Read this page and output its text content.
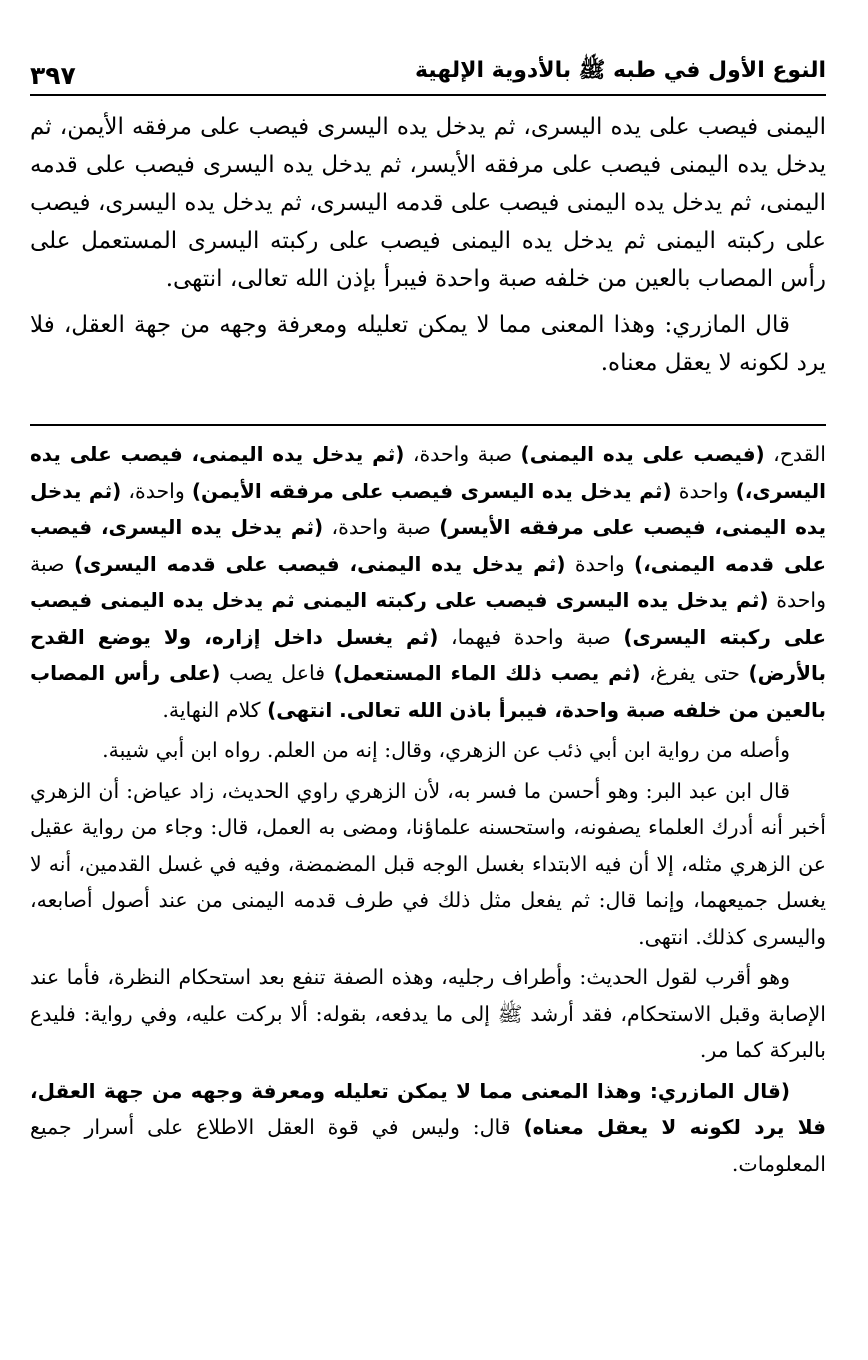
النوع الأول في طبه ﷺ بالأدوية الإلهية
٣٩٧

اليمنى فيصب على يده اليسرى، ثم يدخل يده اليسرى فيصب على مرفقه الأيمن، ثم يدخل يده اليمنى فيصب على مرفقه الأيسر، ثم يدخل يده اليسرى فيصب على قدمه اليمنى، ثم يدخل يده اليمنى فيصب على قدمه اليسرى، ثم يدخل يده اليسرى، فيصب على ركبته اليمنى ثم يدخل يده اليمنى فيصب على ركبته اليسرى المستعمل على رأس المصاب بالعين من خلفه صبة واحدة فيبرأ بإذن الله تعالى، انتهى.

قال المازري: وهذا المعنى مما لا يمكن تعليله ومعرفة وجهه من جهة العقل، فلا يرد لكونه لا يعقل معناه.

القدح، (فيصب على يده اليمنى) صبة واحدة، (ثم يدخل يده اليمنى، فيصب على يده اليسرى،) واحدة (ثم يدخل يده اليسرى فيصب على مرفقه الأيمن) واحدة، (ثم يدخل يده اليمنى، فيصب على مرفقه الأيسر) صبة واحدة، (ثم يدخل يده اليسرى، فيصب على قدمه اليمنى،) واحدة (ثم يدخل يده اليمنى، فيصب على قدمه اليسرى) صبة واحدة (ثم يدخل يده اليسرى فيصب على ركبته اليمنى ثم يدخل يده اليمنى فيصب على ركبته اليسرى) صبة واحدة فيهما، (ثم يغسل داخل إزاره، ولا يوضع القدح بالأرض) حتى يفرغ، (ثم يصب ذلك الماء المستعمل) فاعل يصب (على رأس المصاب بالعين من خلفه صبة واحدة، فيبرأ باذن الله تعالى. انتهى) كلام النهاية.

وأصله من رواية ابن أبي ذئب عن الزهري، وقال: إنه من العلم. رواه ابن أبي شيبة.

قال ابن عبد البر: وهو أحسن ما فسر به، لأن الزهري راوي الحديث، زاد عياض: أن الزهري أخبر أنه أدرك العلماء يصفونه، واستحسنه علماؤنا، ومضى به العمل، قال: وجاء من رواية عقيل عن الزهري مثله، إلا أن فيه الابتداء بغسل الوجه قبل المضمضة، وفيه في غسل القدمين، أنه لا يغسل جميعهما، وإنما قال: ثم يفعل مثل ذلك في طرف قدمه اليمنى من عند أصول أصابعه، واليسرى كذلك. انتهى.

وهو أقرب لقول الحديث: وأطراف رجليه، وهذه الصفة تنفع بعد استحكام النظرة، فأما عند الإصابة وقبل الاستحكام، فقد أرشد ﷺ إلى ما يدفعه، بقوله: ألا بركت عليه، وفي رواية: فليدع بالبركة كما مر.

(قال المازري: وهذا المعنى مما لا يمكن تعليله ومعرفة وجهه من جهة العقل، فلا يرد لكونه لا يعقل معناه) قال: وليس في قوة العقل الاطلاع على أسرار جميع المعلومات.
